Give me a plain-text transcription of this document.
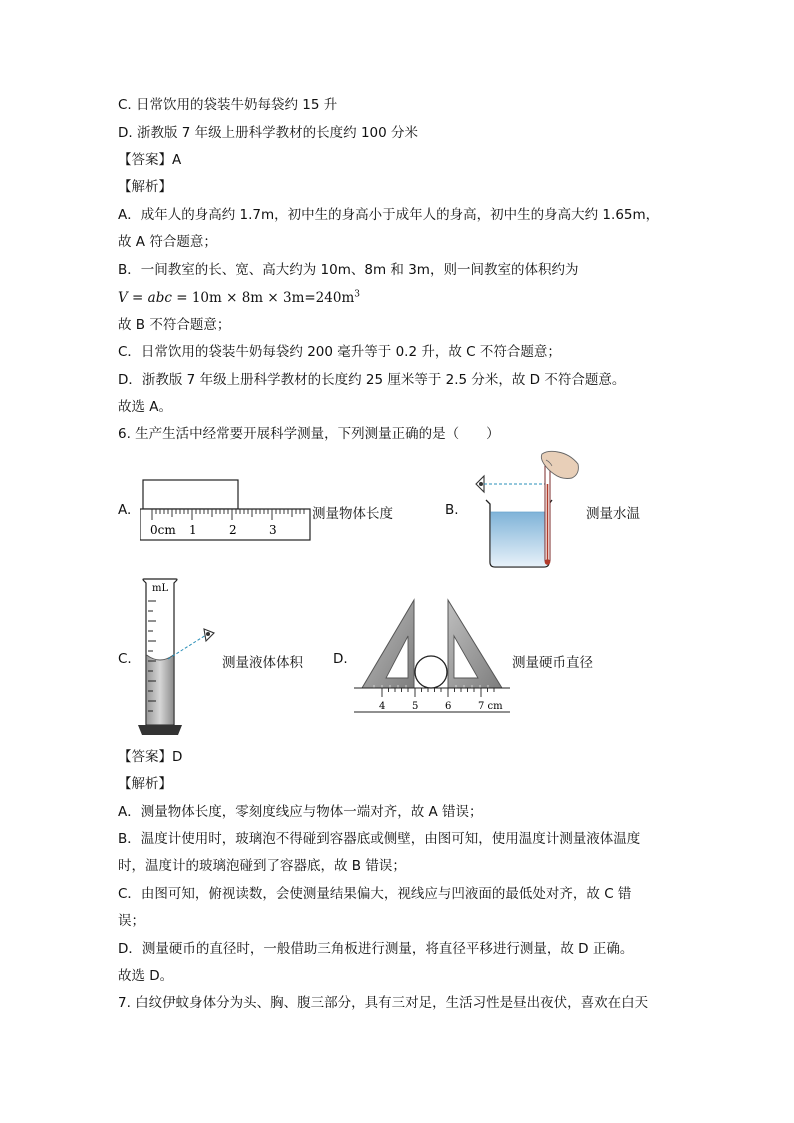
C. 日常饮用的袋装牛奶每袋约 15 升
D. 浙教版 7 年级上册科学教材的长度约 100 分米
【答案】A
【解析】
A．成年人的身高约 1.7m，初中生的身高小于成年人的身高，初中生的身高大约 1.65m，
故 A 符合题意；
B．一间教室的长、宽、高大约为 10m、8m 和 3m，则一间教室的体积约为
V = abc = $10m \times 8m \times 3m=240m^3$
故 B 不符合题意；
C．日常饮用的袋装牛奶每袋约 200 毫升等于 0.2 升，故 C 不符合题意；
D．浙教版 7 年级上册科学教材的长度约 25 厘米等于 2.5 分米，故 D 不符合题意。
故选 A。
6. 生产生活中经常要开展科学测量，下列测量正确的是（　　）
A.
0cm 1	2	3
测量物体长度	B.	测量水温
C.
mL
测量液体体积 D.
4	5	6	7 cm
测量硬币直径
【答案】D
【解析】
A．测量物体长度，零刻度线应与物体一端对齐，故 A 错误；
B．温度计使用时，玻璃泡不得碰到容器底或侧壁，由图可知，使用温度计测量液体温度
时，温度计的玻璃泡碰到了容器底，故 B 错误；
C．由图可知，俯视读数，会使测量结果偏大，视线应与凹液面的最低处对齐，故 C 错
误；
D．测量硬币的直径时，一般借助三角板进行测量，将直径平移进行测量，故 D 正确。
故选 D。
7. 白纹伊蚊身体分为头、胸、腹三部分，具有三对足，生活习性是昼出夜伏，喜欢在白天
